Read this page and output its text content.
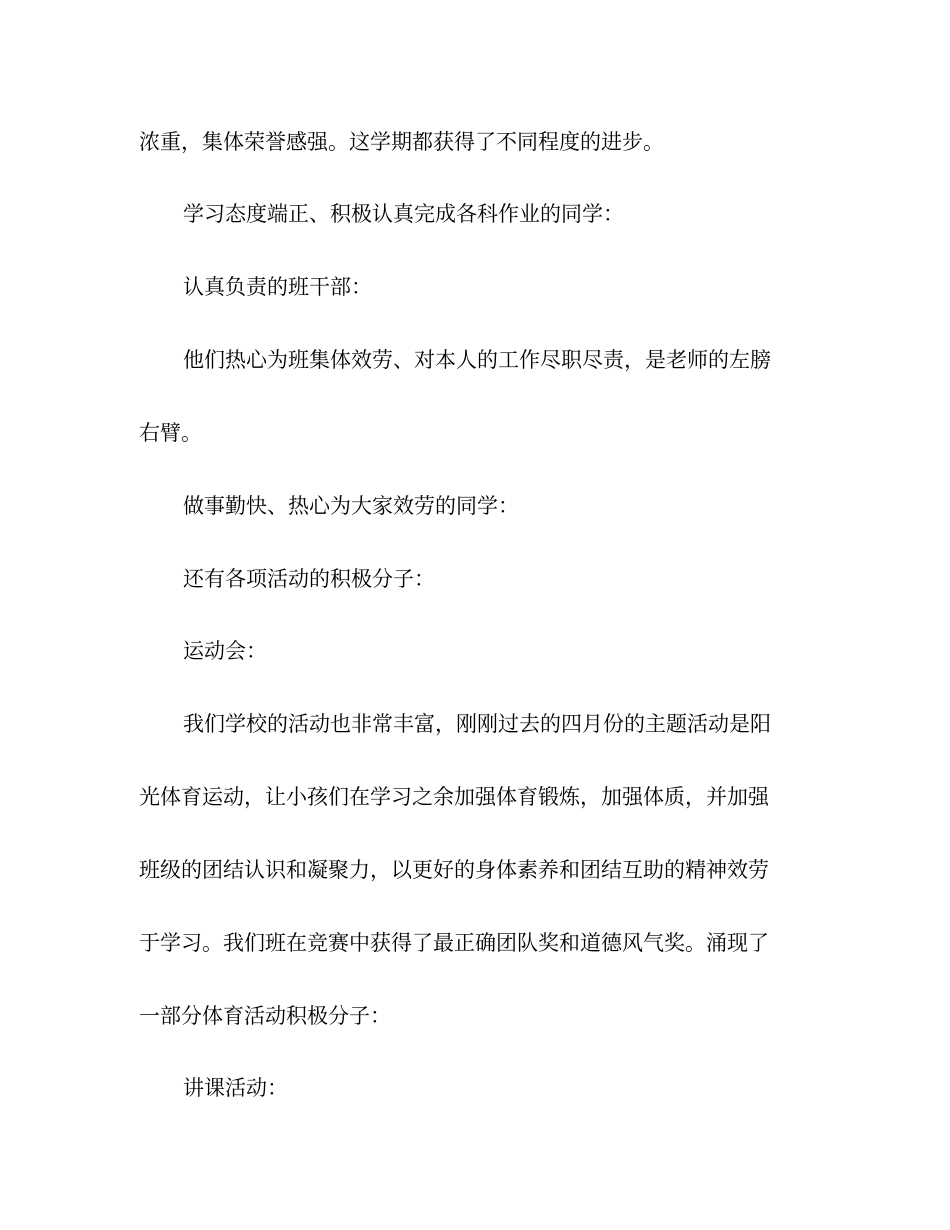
浓重，集体荣誉感强。这学期都获得了不同程度的进步。

学习态度端正、积极认真完成各科作业的同学：

认真负责的班干部：

他们热心为班集体效劳、对本人的工作尽职尽责，是老师的左膀

右臂。

做事勤快、热心为大家效劳的同学：

还有各项活动的积极分子：

运动会：

我们学校的活动也非常丰富，刚刚过去的四月份的主题活动是阳

光体育运动，让小孩们在学习之余加强体育锻炼，加强体质，并加强

班级的团结认识和凝聚力，以更好的身体素养和团结互助的精神效劳

于学习。我们班在竞赛中获得了最正确团队奖和道德风气奖。涌现了

一部分体育活动积极分子：

讲课活动：
